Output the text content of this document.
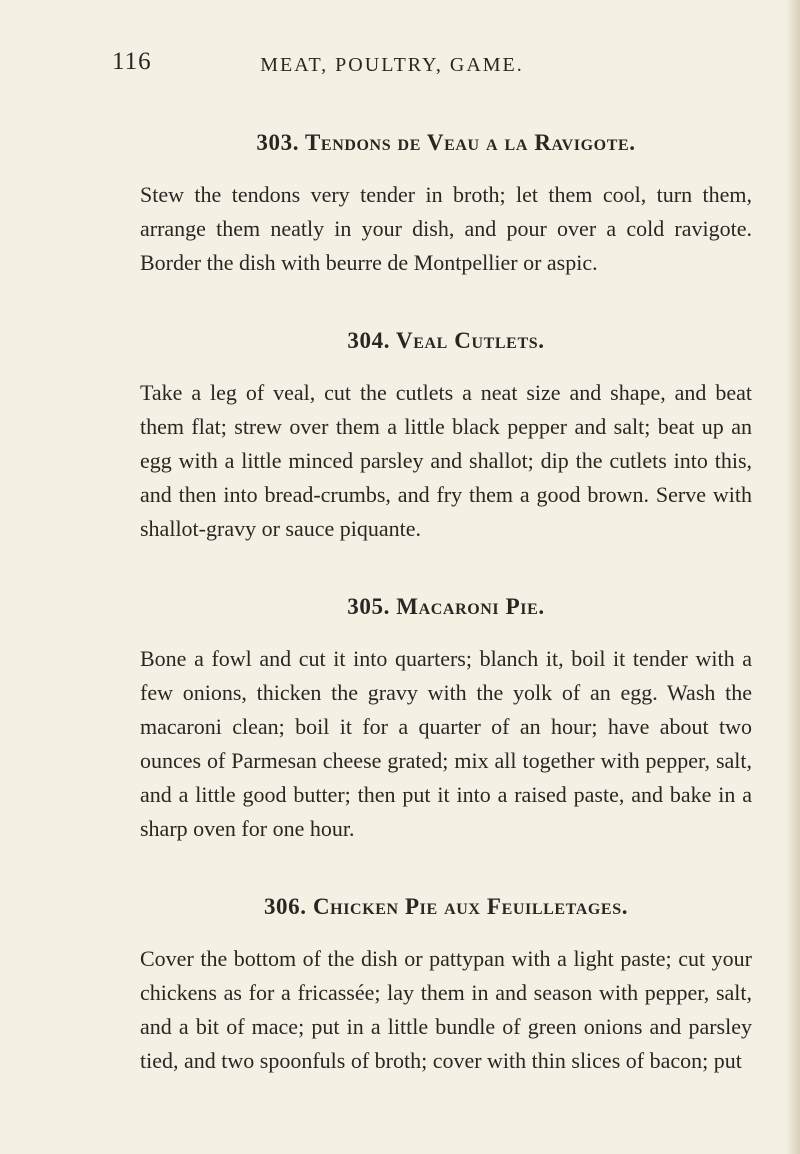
116	MEAT, POULTRY, GAME.
303. Tendons de Veau a la Ravigote.

Stew the tendons very tender in broth; let them cool, turn them, arrange them neatly in your dish, and pour over a cold ravigote. Border the dish with beurre de Montpellier or aspic.

304. Veal Cutlets.

Take a leg of veal, cut the cutlets a neat size and shape, and beat them flat; strew over them a little black pepper and salt; beat up an egg with a little minced parsley and shallot; dip the cutlets into this, and then into bread-crumbs, and fry them a good brown. Serve with shallot-gravy or sauce piquante.

305. Macaroni Pie.

Bone a fowl and cut it into quarters; blanch it, boil it tender with a few onions, thicken the gravy with the yolk of an egg. Wash the macaroni clean; boil it for a quarter of an hour; have about two ounces of Parmesan cheese grated; mix all together with pepper, salt, and a little good butter; then put it into a raised paste, and bake in a sharp oven for one hour.

306. Chicken Pie aux Feuilletages.

Cover the bottom of the dish or pattypan with a light paste; cut your chickens as for a fricassée; lay them in and season with pepper, salt, and a bit of mace; put in a little bundle of green onions and parsley tied, and two spoonfuls of broth; cover with thin slices of bacon; put
